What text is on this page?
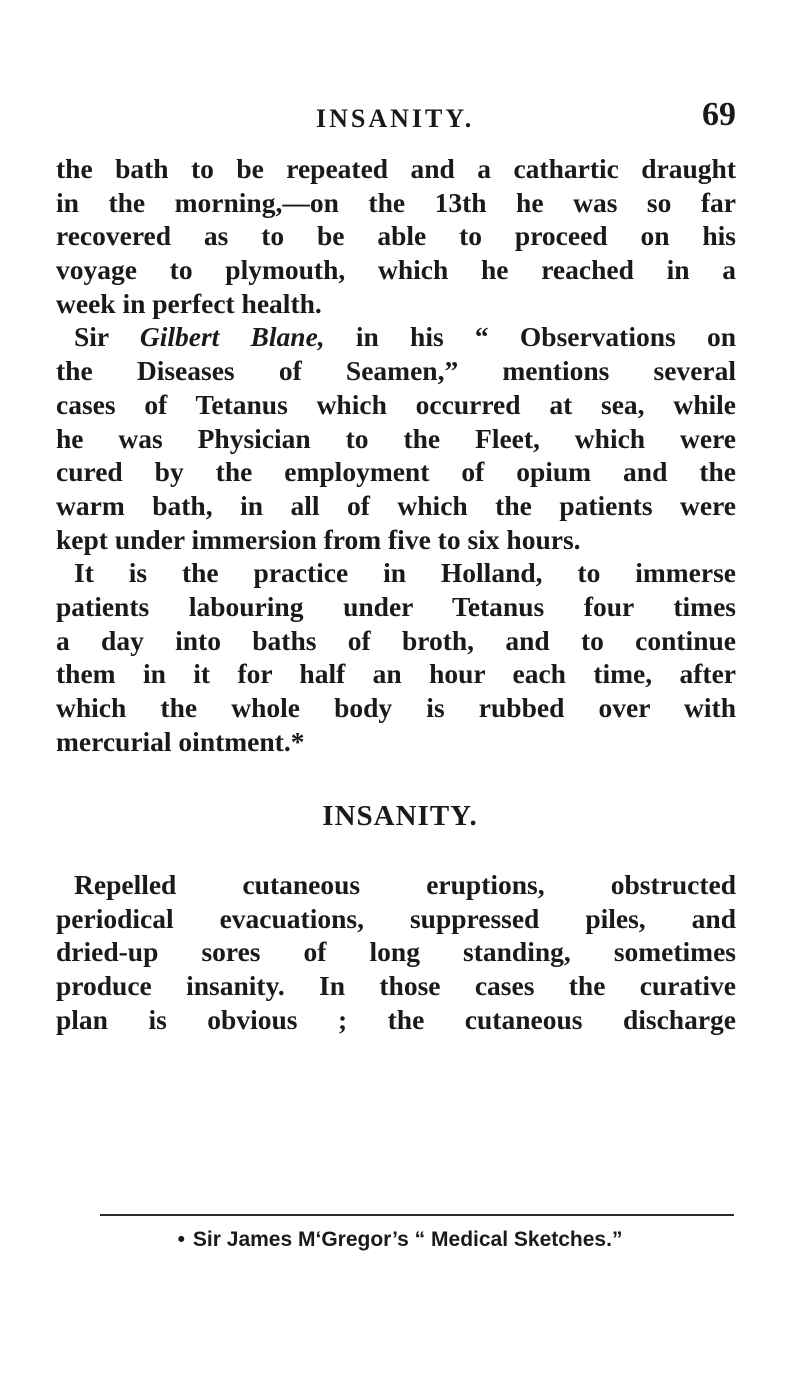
INSANITY.	69
the bath to be repeated and a cathartic draught
in the morning,—on the 13th he was so far
recovered as to be able to proceed on his
voyage to plymouth, which he reached in a
week in perfect health.
Sir Gilbert Blane, in his “ Observations on
the Diseases of Seamen,” mentions several
cases of Tetanus which occurred at sea, while
he was Physician to the Fleet, which were
cured by the employment of opium and the
warm bath, in all of which the patients were
kept under immersion from five to six hours.
It is the practice in Holland, to immerse
patients labouring under Tetanus four times
a day into baths of broth, and to continue
them in it for half an hour each time, after
which the whole body is rubbed over with
mercurial ointment.*
INSANITY.
Repelled cutaneous eruptions, obstructed
periodical evacuations, suppressed piles, and
dried-up sores of long standing, sometimes
produce insanity. In those cases the curative
plan is obvious ; the cutaneous discharge
• Sir James M‘Gregor’s “ Medical Sketches.”
